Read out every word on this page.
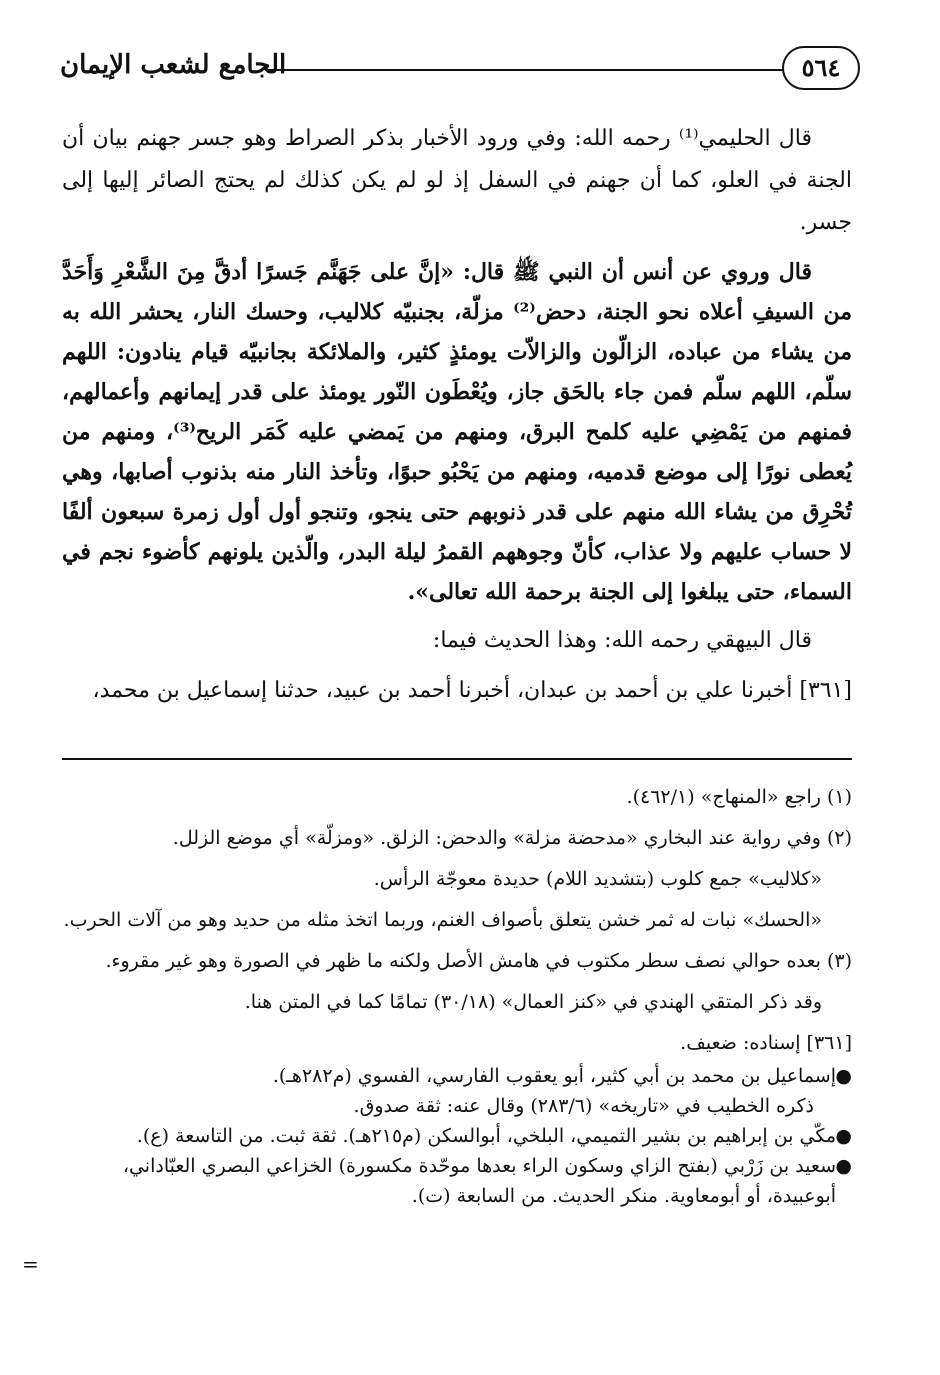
٥٦٤
الجامع لشعب الإيمان

قال الحليمي⁽¹⁾ رحمه الله: وفي ورود الأخبار بذكر الصراط وهو جسر جهنم بيان أن الجنة في العلو، كما أن جهنم في السفل إذ لو لم يكن كذلك لم يحتج الصائر إليها إلى جسر.

قال وروي عن أنس أن النبي ﷺ قال: «إنَّ على جَهَنَّم جَسرًا أدقَّ مِنَ الشَّعْرِ وَأَحَدَّ من السيفِ أعلاه نحو الجنة، دحض⁽²⁾ مزلّة، بجنبيّه كلاليب، وحسك النار، يحشر الله به من يشاء من عباده، الزالّون والزالاّت يومئذٍ كثير، والملائكة بجانبيّه قيام ينادون: اللهم سلّم، اللهم سلّم فمن جاء بالحَق جاز، ويُعْطَون النّور يومئذ على قدر إيمانهم وأعمالهم، فمنهم من يَمْضِي عليه كلمح البرق، ومنهم من يَمضي عليه كَمَر الريح⁽³⁾، ومنهم من يُعطى نورًا إلى موضع قدميه، ومنهم من يَحْبُو حبوًا، وتأخذ النار منه بذنوب أصابها، وهي تُحْرِق من يشاء الله منهم على قدر ذنوبهم حتى ينجو، وتنجو أول أول زمرة سبعون ألفًا لا حساب عليهم ولا عذاب، كأنّ وجوههم القمرُ ليلة البدر، والّذين يلونهم كأضوء نجم في السماء، حتى يبلغوا إلى الجنة برحمة الله تعالى».

قال البيهقي رحمه الله: وهذا الحديث فيما:

[٣٦١] أخبرنا علي بن أحمد بن عبدان، أخبرنا أحمد بن عبيد، حدثنا إسماعيل بن محمد،

(١) راجع «المنهاج» (٤٦٢/١).

(٢) وفي رواية عند البخاري «مدحضة مزلة» والدحض: الزلق. «ومزلّة» أي موضع الزلل.

«كلاليب» جمع كلوب (بتشديد اللام) حديدة معوجّة الرأس.

«الحسك» نبات له ثمر خشن يتعلق بأصواف الغنم، وربما اتخذ مثله من حديد وهو من آلات الحرب.

(٣) بعده حوالي نصف سطر مكتوب في هامش الأصل ولكنه ما ظهر في الصورة وهو غير مقروء.

وقد ذكر المتقي الهندي في «كنز العمال» (٣٠/١٨) تمامًا كما في المتن هنا.

[٣٦١] إسناده: ضعيف.

●
إسماعيل بن محمد بن أبي كثير، أبو يعقوب الفارسي، الفسوي (م٢٨٢هـ).

ذكره الخطيب في «تاريخه» (٢٨٣/٦) وقال عنه: ثقة صدوق.

●
مكّي بن إبراهيم بن بشير التميمي، البلخي، أبوالسكن (م٢١٥هـ). ثقة ثبت. من التاسعة (ع).

●
سعيد بن زَرْبي (بفتح الزاي وسكون الراء بعدها موحّدة مكسورة) الخزاعي البصري العبّاداني، أبوعبيدة، أو أبومعاوية. منكر الحديث. من السابعة (ت).

=
